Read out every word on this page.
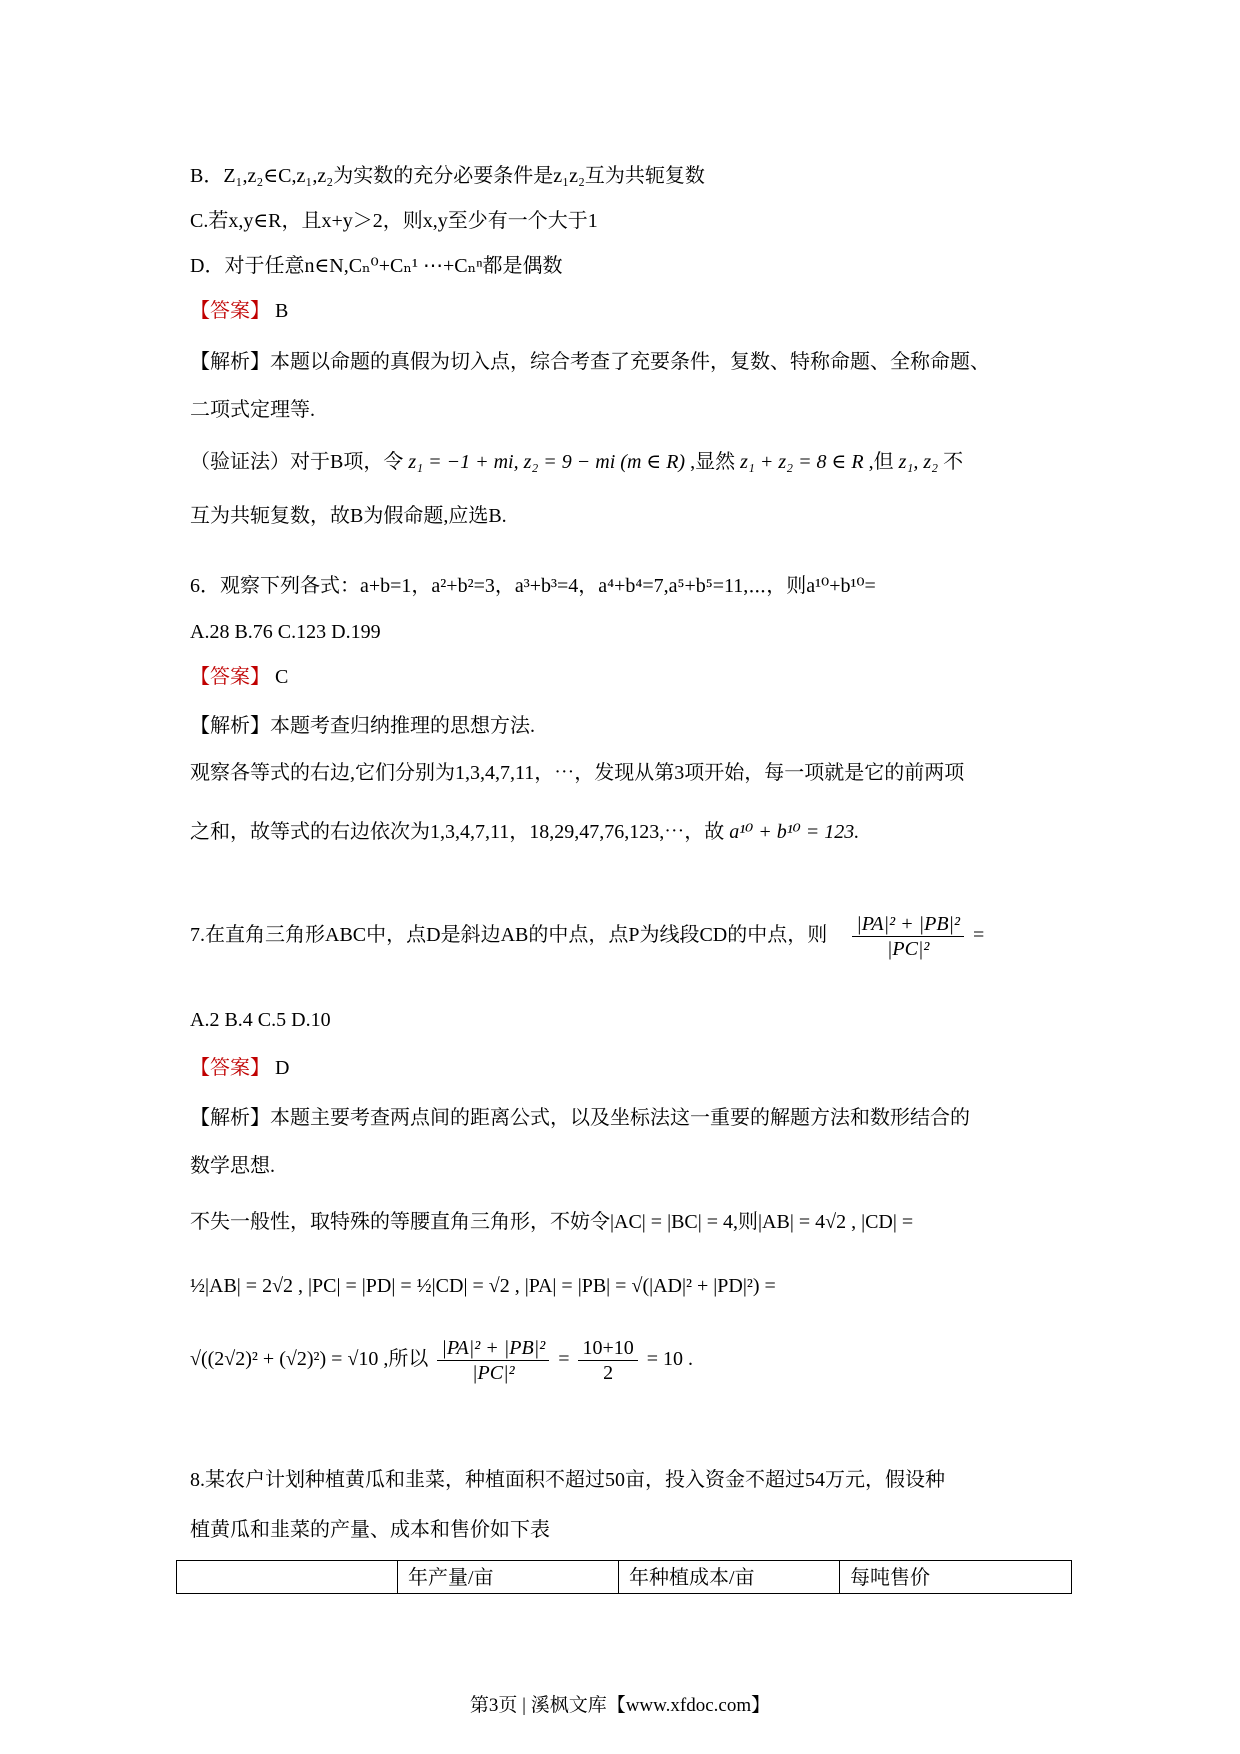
B．Z₁,z₂∈C,z₁,z₂为实数的充分必要条件是z₁z₂互为共轭复数
C.若x,y∈R，且x+y＞2，则x,y至少有一个大于1
D．对于任意n∈N,Cₙ⁰+Cₙ¹ ⋯+Cₙⁿ都是偶数
【答案】 B
【解析】本题以命题的真假为切入点，综合考查了充要条件，复数、特称命题、全称命题、
二项式定理等.
（验证法）对于B项，令 z₁ = −1 + mi, z₂ = 9 − mi (m ∈ R) ,显然 z₁ + z₂ = 8 ∈ R ,但 z₁, z₂ 不
互为共轭复数，故B为假命题,应选B.
6．观察下列各式：a+b=1，a²+b²=3，a³+b³=4，a⁴+b⁴=7,a⁵+b⁵=11,⋯，则a¹⁰+b¹⁰=
A.28 B.76 C.123 D.199
【答案】 C
【解析】本题考查归纳推理的思想方法.
观察各等式的右边,它们分别为1,3,4,7,11，⋯，发现从第3项开始，每一项就是它的前两项
之和，故等式的右边依次为1,3,4,7,11，18,29,47,76,123,⋯，故 a¹⁰ + b¹⁰ = 123.
7.在直角三角形ABC中，点D是斜边AB的中点，点P为线段CD的中点，则 $\frac{\text{|PA|² + |PB|²}}{\text{|PC|²}}$ =
A.2 B.4 C.5 D.10
【答案】 D
【解析】本题主要考查两点间的距离公式，以及坐标法这一重要的解题方法和数形结合的
数学思想.
不失一般性，取特殊的等腰直角三角形，不妨令|AC| = |BC| = 4,则|AB| = 4√2 , |CD| =
½|AB| = 2√2 , |PC| = |PD| = ½|CD| = √2 , |PA| = |PB| = √(|AD|² + |PD|²) =
√((2√2)² + (√2)²) = √10 ,所以 $\frac{\text{|PA|² + |PB|²}}{\text{|PC|²}} = \frac{10+10}{2} = 10$ .
8.某农户计划种植黄瓜和韭菜，种植面积不超过50亩，投入资金不超过54万元，假设种
植黄瓜和韭菜的产量、成本和售价如下表
	年产量/亩	年种植成本/亩	每吨售价
第3页 | 溪枫文库【www.xfdoc.com】
